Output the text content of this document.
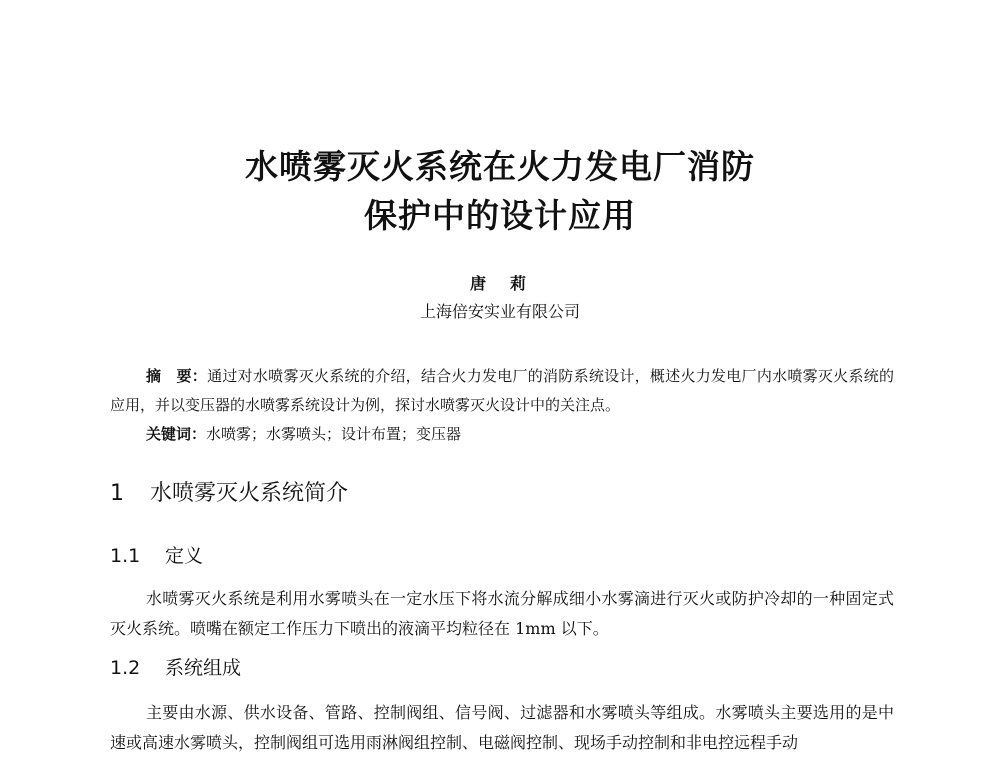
水喷雾灭火系统在火力发电厂消防
保护中的设计应用
唐　莉
上海倍安实业有限公司

摘　要：通过对水喷雾灭火系统的介绍，结合火力发电厂的消防系统设计，概述火力发电厂内水喷雾灭火系统的应用，并以变压器的水喷雾系统设计为例，探讨水喷雾灭火设计中的关注点。

关键词：水喷雾；水雾喷头；设计布置；变压器

1 水喷雾灭火系统简介
1.1 定义

水喷雾灭火系统是利用水雾喷头在一定水压下将水流分解成细小水雾滴进行灭火或防护冷却的一种固定式灭火系统。喷嘴在额定工作压力下喷出的液滴平均粒径在 1mm 以下。

1.2 系统组成

主要由水源、供水设备、管路、控制阀组、信号阀、过滤器和水雾喷头等组成。水雾喷头主要选用的是中速或高速水雾喷头，控制阀组可选用雨淋阀组控制、电磁阀控制、现场手动控制和非电控远程手动
